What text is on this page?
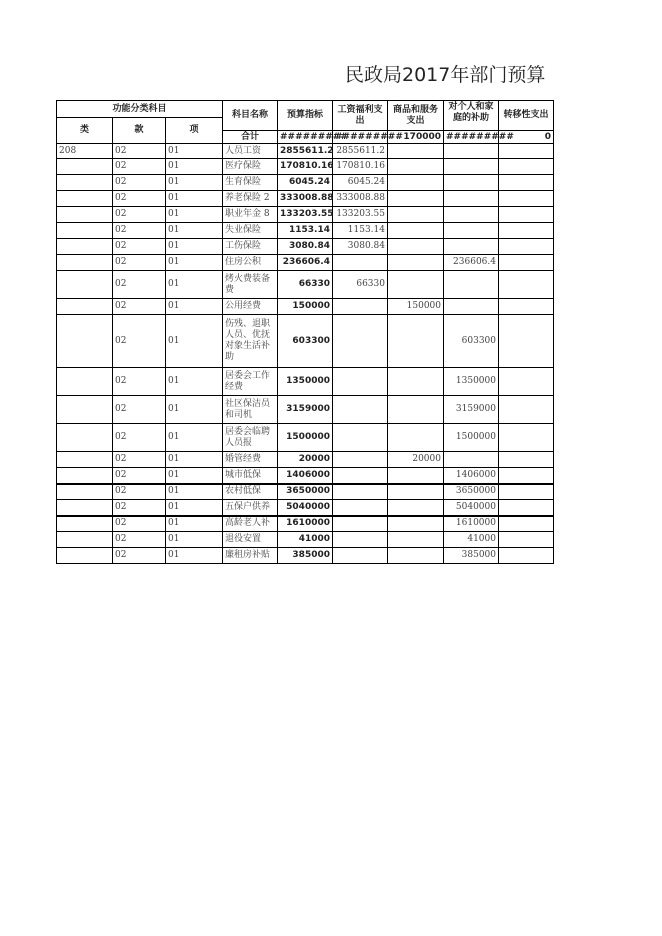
民政局2017年部门预算
功能分类科目			科目名称	预算指标	工资福利支出	商品和服务支出	对个人和家庭的补助	转移性支出
类	款	项						
			合计	#########	#########	170000	#########	0
208	02	01	人员工资	2855611.2	2855611.2			
	02	01	医疗保险	170810.16	170810.16			
	02	01	生育保险	6045.24	6045.24			
	02	01	养老保险 2	333008.88	333008.88			
	02	01	职业年金 8	133203.55	133203.55			
	02	01	失业保险	1153.14	1153.14			
	02	01	工伤保险	3080.84	3080.84			
	02	01	住房公积	236606.4			236606.4	
	02	01	烤火费装备费	66330	66330			
	02	01	公用经费	150000		150000		
	02	01	伤残、退职人员、优抚对象生活补助	603300			603300	
	02	01	居委会工作经费	1350000			1350000	
	02	01	社区保洁员和司机	3159000			3159000	
	02	01	居委会临聘人员报	1500000			1500000	
	02	01	婚管经费	20000		20000		
	02	01	城市低保	1406000			1406000	
	02	01	农村低保	3650000			3650000	
	02	01	五保户供养	5040000			5040000	
	02	01	高龄老人补	1610000			1610000	
	02	01	退役安置	41000			41000	
	02	01	廉租房补贴	385000			385000	
